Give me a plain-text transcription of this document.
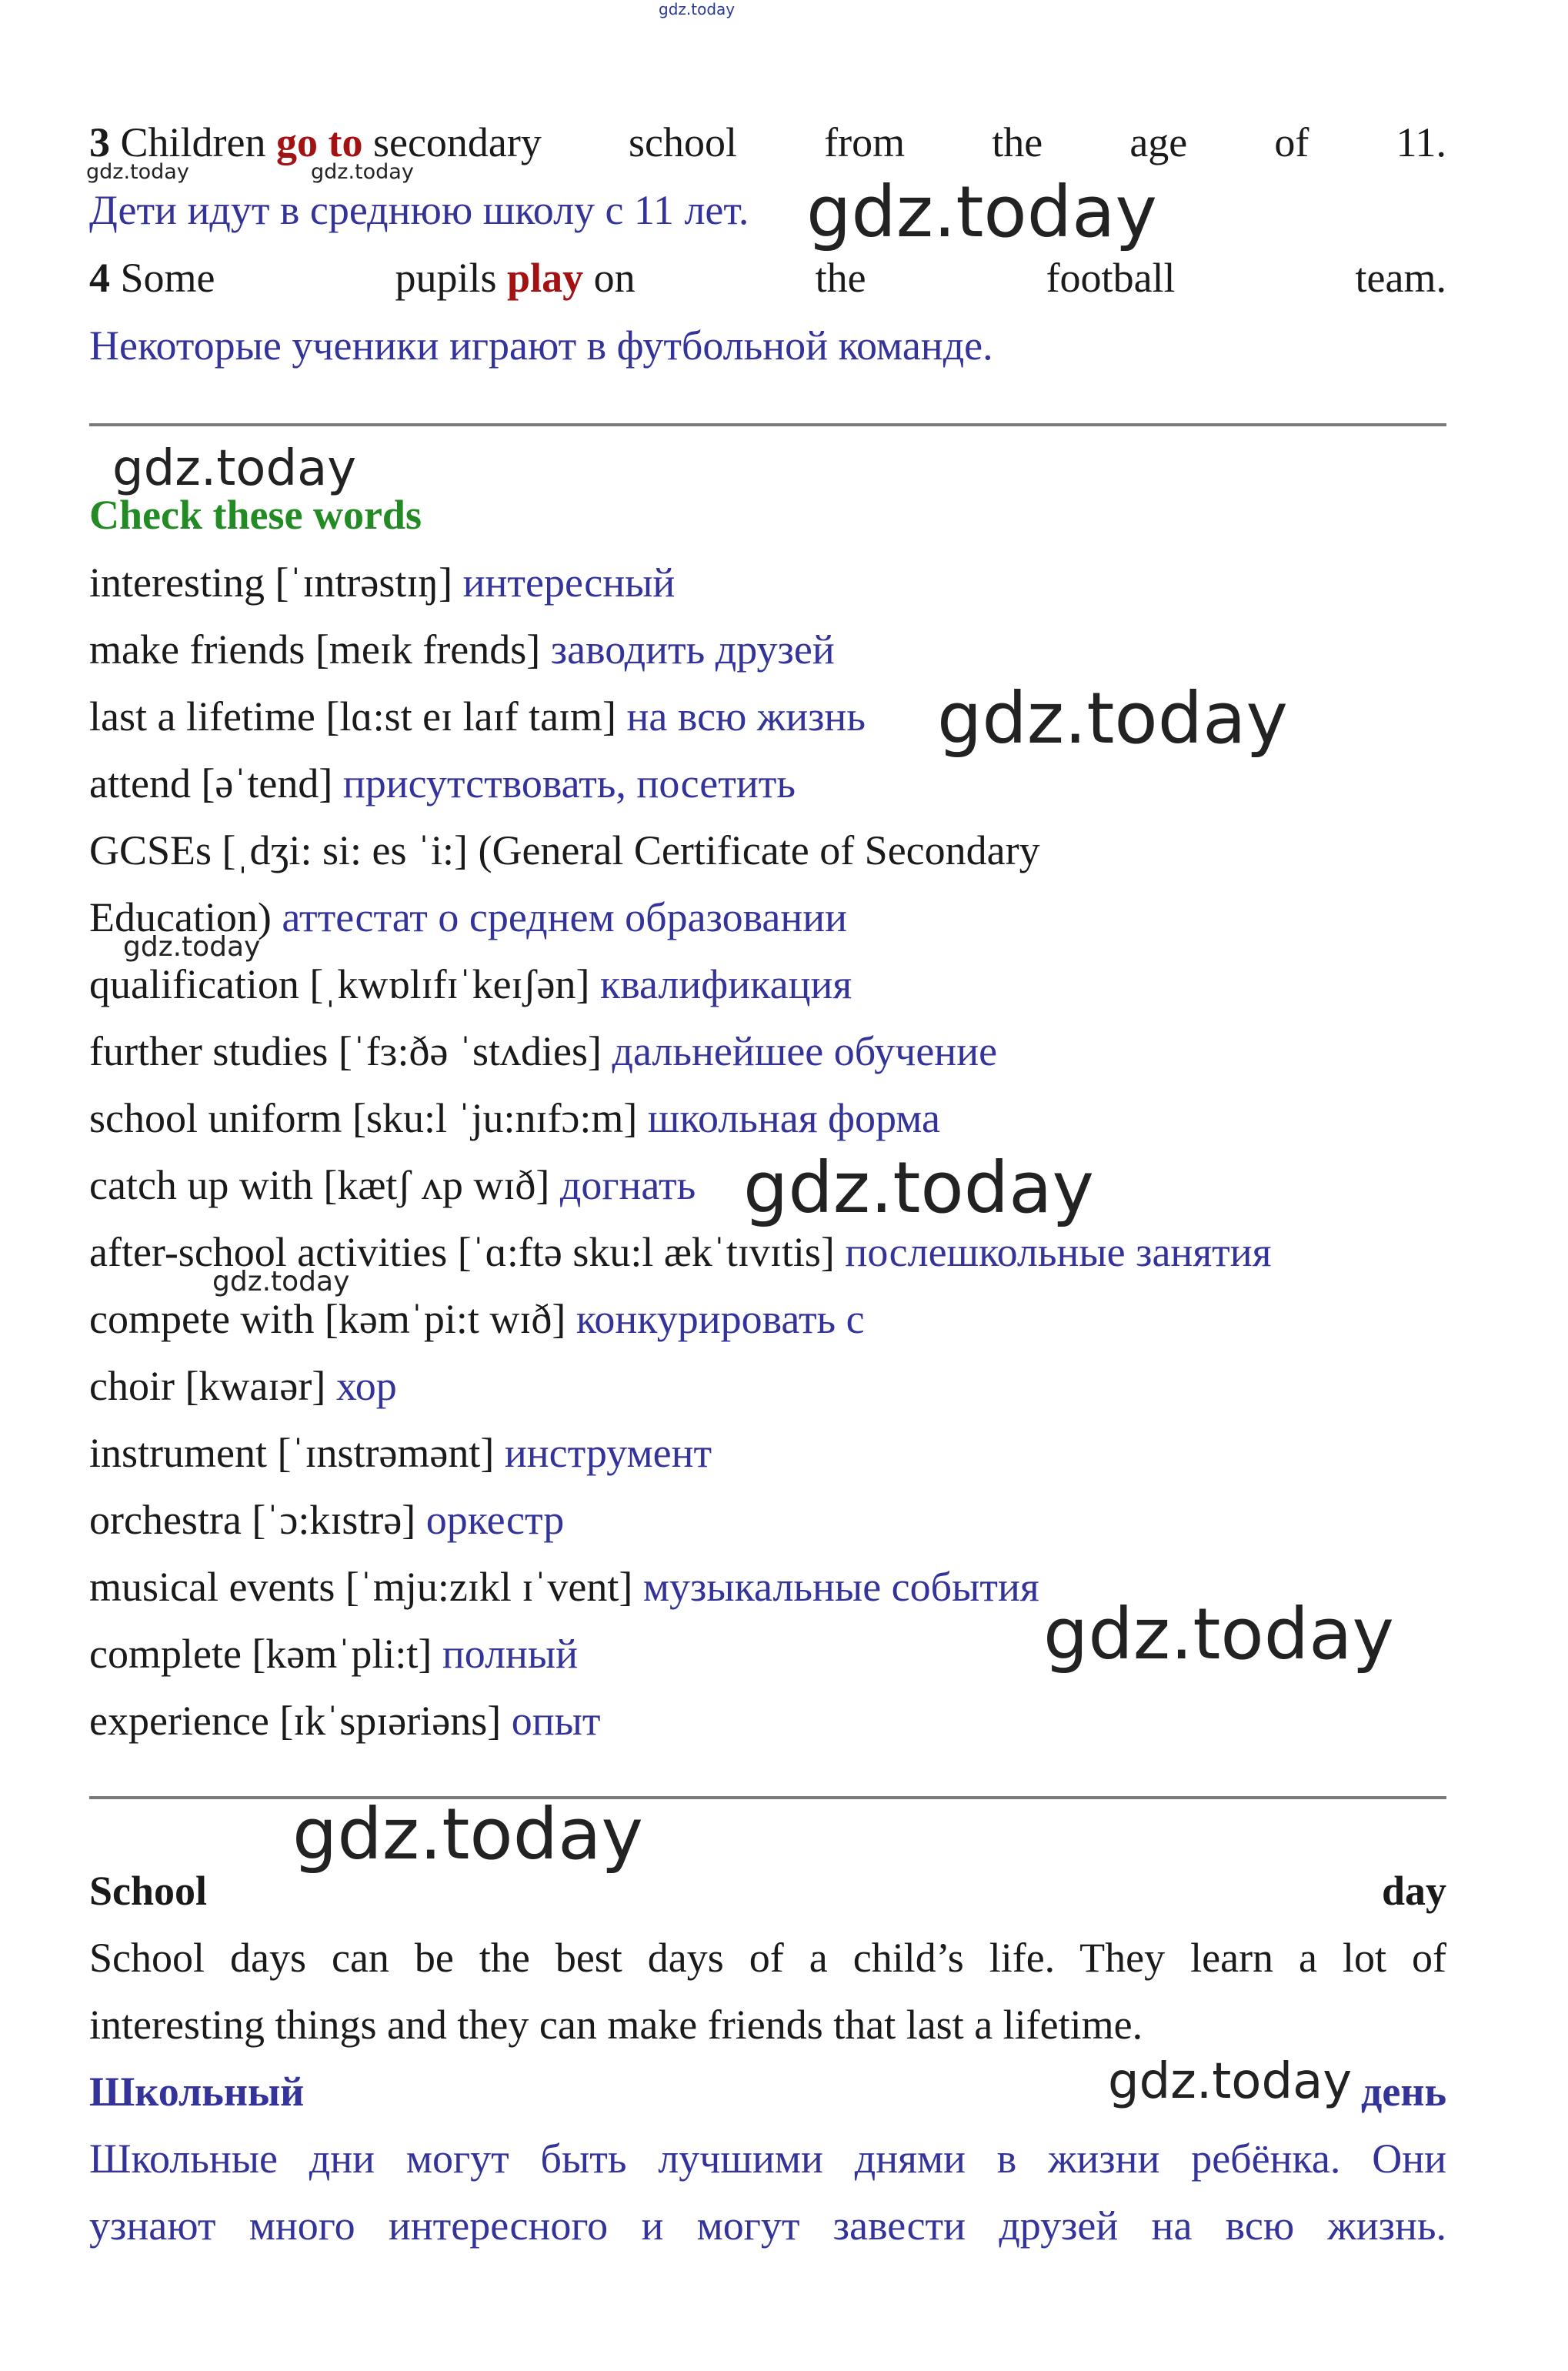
gdz.today
3 Children go to secondary school from the age of 11.
gdz.today	gdz.today
Дети идут в среднюю школу с 11 лет. gdz.today
4 Some	pupils play on	the	football	team.
Некоторые ученики играют в футбольной команде.
gdz.today
Check these words
interesting [ˈɪntrəstɪŋ] интересный
make friends [meɪk frends] заводить друзей
last a lifetime [lɑ:st eɪ laɪf taɪm] на всю жизнь	gdz.today
attend [əˈtend] присутствовать, посетить
GCSEs [ˌdʒi: si: es ˈi:] (General Certificate of Secondary
Education) аттестат о среднем образовании
gdz.today
qualification [ˌkwɒlɪfɪˈkeɪʃən] квалификация
further studies [ˈfɜ:ðə ˈstʌdies] дальнейшее обучение
school uniform [sku:l ˈju:nɪfɔ:m] школьная форма
catch up with [kætʃ ʌp wɪð] догнать gdz.today
after-school activities [ˈɑ:ftə sku:l ækˈtɪvɪtis] послешкольные занятия
gdz.today
compete with [kəmˈpi:t wɪð] конкурировать с
choir [kwaɪər] хор
instrument [ˈɪnstrəmənt] инструмент
orchestra [ˈɔ:kɪstrə] оркестр
musical events [ˈmju:zɪkl ɪˈvent] музыкальные события
gdz.today
complete [kəmˈpli:t] полный
experience [ɪkˈspɪəriəns] опыт
gdz.today
School	day
School days can be the best days of a child’s life. They learn a lot of
interesting things and they can make friends that last a lifetime.
Школьный	день
gdz.today
Школьные дни могут быть лучшими днями в жизни ребёнка. Они
узнают много интересного и могут завести друзей на всю жизнь.
